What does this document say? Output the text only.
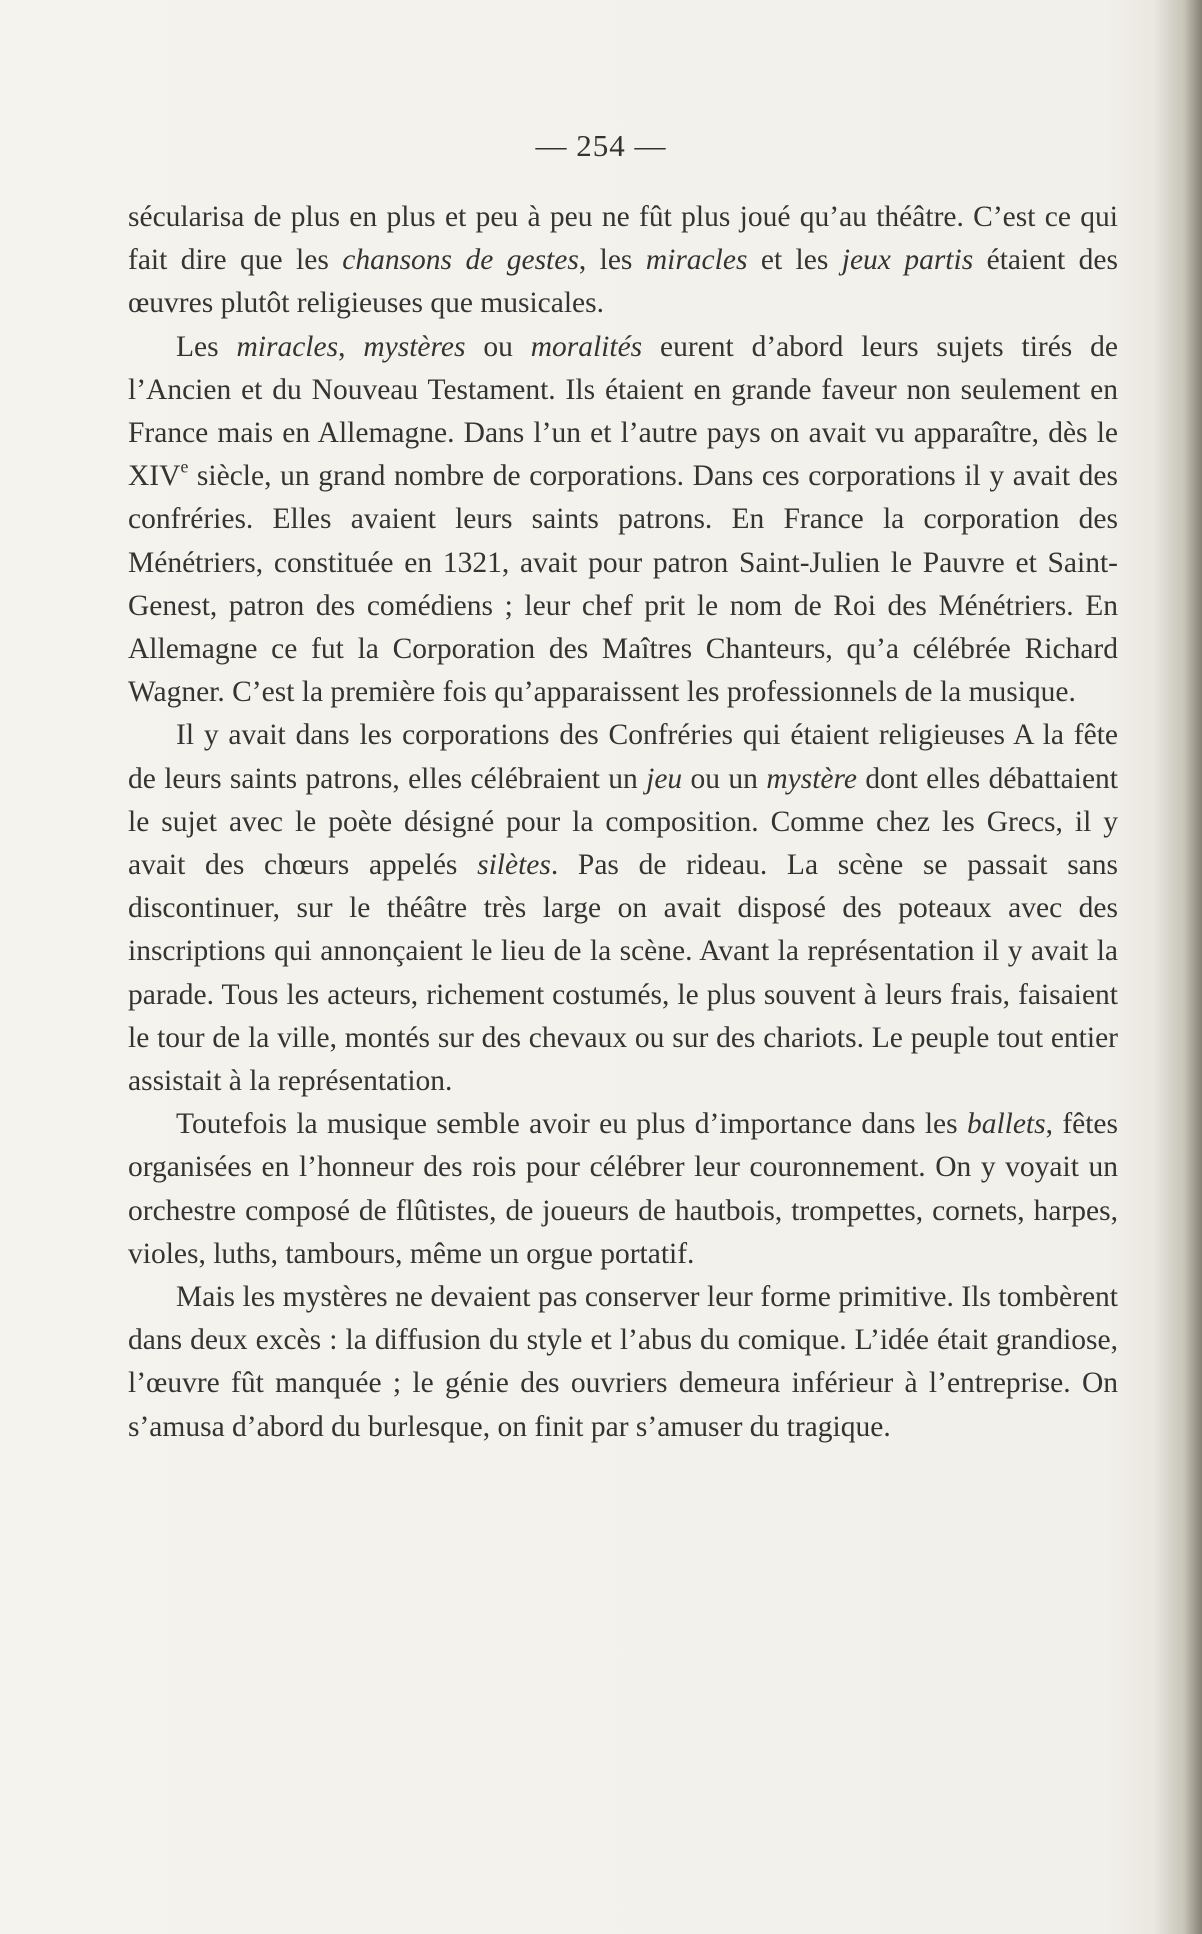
— 254 —

sécularisa de plus en plus et peu à peu ne fût plus joué qu’au théâtre. C’est ce qui fait dire que les chansons de gestes, les miracles et les jeux partis étaient des œuvres plutôt religieuses que musicales.

Les miracles, mystères ou moralités eurent d’abord leurs sujets tirés de l’Ancien et du Nouveau Testament. Ils étaient en grande faveur non seulement en France mais en Allemagne. Dans l’un et l’autre pays on avait vu apparaître, dès le XIVe siècle, un grand nombre de corporations. Dans ces corporations il y avait des confréries. Elles avaient leurs saints patrons. En France la corporation des Ménétriers, constituée en 1321, avait pour patron Saint-Julien le Pauvre et Saint-Genest, patron des comédiens ; leur chef prit le nom de Roi des Ménétriers. En Allemagne ce fut la Corporation des Maîtres Chanteurs, qu’a célébrée Richard Wagner. C’est la première fois qu’apparaissent les professionnels de la musique.

Il y avait dans les corporations des Confréries qui étaient religieuses A la fête de leurs saints patrons, elles célébraient un jeu ou un mystère dont elles débattaient le sujet avec le poète désigné pour la composition. Comme chez les Grecs, il y avait des chœurs appelés silètes. Pas de rideau. La scène se passait sans discontinuer, sur le théâtre très large on avait disposé des poteaux avec des inscriptions qui annonçaient le lieu de la scène. Avant la représentation il y avait la parade. Tous les acteurs, richement costumés, le plus souvent à leurs frais, faisaient le tour de la ville, montés sur des chevaux ou sur des chariots. Le peuple tout entier assistait à la représentation.

Toutefois la musique semble avoir eu plus d’importance dans les ballets, fêtes organisées en l’honneur des rois pour célébrer leur couronnement. On y voyait un orchestre composé de flûtistes, de joueurs de hautbois, trompettes, cornets, harpes, violes, luths, tambours, même un orgue portatif.

Mais les mystères ne devaient pas conserver leur forme primitive. Ils tombèrent dans deux excès : la diffusion du style et l’abus du comique. L’idée était grandiose, l’œuvre fût manquée ; le génie des ouvriers demeura inférieur à l’entreprise. On s’amusa d’abord du burlesque, on finit par s’amuser du tragique.
